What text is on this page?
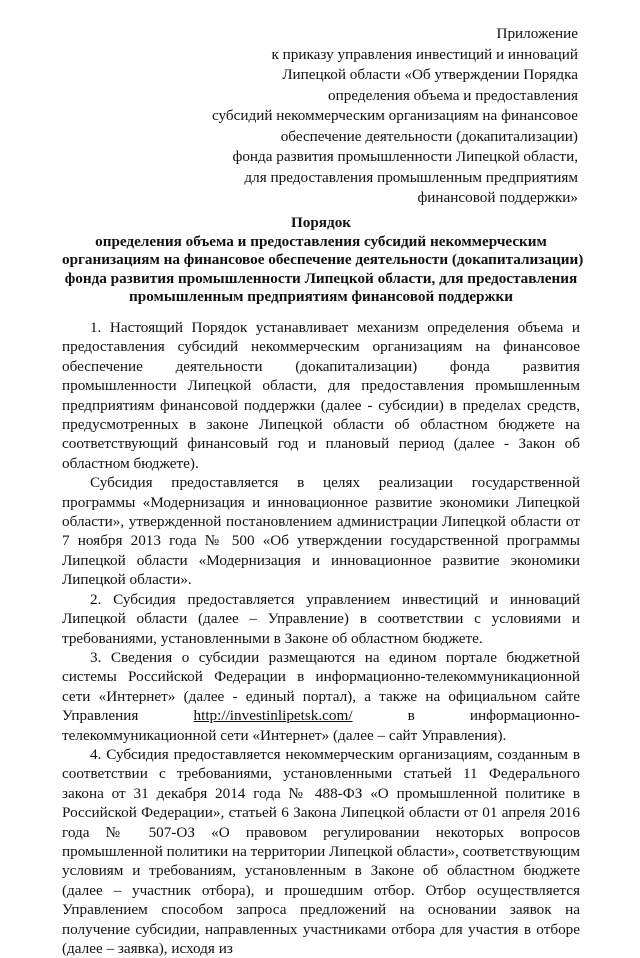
Приложение
к приказу управления инвестиций и инноваций
Липецкой области «Об утверждении Порядка
определения объема и предоставления
субсидий некоммерческим организациям на финансовое
обеспечение деятельности (докапитализации)
фонда развития промышленности Липецкой области,
для предоставления промышленным предприятиям
финансовой поддержки»
Порядок
определения объема и предоставления субсидий некоммерческим
организациям на финансовое обеспечение деятельности (докапитализации)
фонда развития промышленности Липецкой области, для предоставления
промышленным предприятиям финансовой поддержки

1. Настоящий Порядок устанавливает механизм определения объема и предоставления субсидий некоммерческим организациям на финансовое обеспечение деятельности (докапитализации) фонда развития промышленности Липецкой области, для предоставления промышленным предприятиям финансовой поддержки (далее - субсидии) в пределах средств, предусмотренных в законе Липецкой области об областном бюджете на соответствующий финансовый год и плановый период (далее - Закон об областном бюджете).

Субсидия предоставляется в целях реализации государственной программы «Модернизация и инновационное развитие экономики Липецкой области», утвержденной постановлением администрации Липецкой области от 7 ноября 2013 года № 500 «Об утверждении государственной программы Липецкой области «Модернизация и инновационное развитие экономики Липецкой области».

2. Субсидия предоставляется управлением инвестиций и инноваций Липецкой области (далее – Управление) в соответствии с условиями и требованиями, установленными в Законе об областном бюджете.

3. Сведения о субсидии размещаются на едином портале бюджетной системы Российской Федерации в информационно-телекоммуникационной сети «Интернет» (далее - единый портал), а также на официальном сайте Управления http://investinlipetsk.com/ в информационно-телекоммуникационной сети «Интернет» (далее – сайт Управления).

4. Субсидия предоставляется некоммерческим организациям, созданным в соответствии с требованиями, установленными статьей 11 Федерального закона от 31 декабря 2014 года № 488-ФЗ «О промышленной политике в Российской Федерации», статьей 6 Закона Липецкой области от 01 апреля 2016 года № 507-ОЗ «О правовом регулировании некоторых вопросов промышленной политики на территории Липецкой области», соответствующим условиям и требованиям, установленным в Законе об областном бюджете (далее – участник отбора), и прошедшим отбор. Отбор осуществляется Управлением способом запроса предложений на основании заявок на получение субсидии, направленных участниками отбора для участия в отборе (далее – заявка), исходя из
